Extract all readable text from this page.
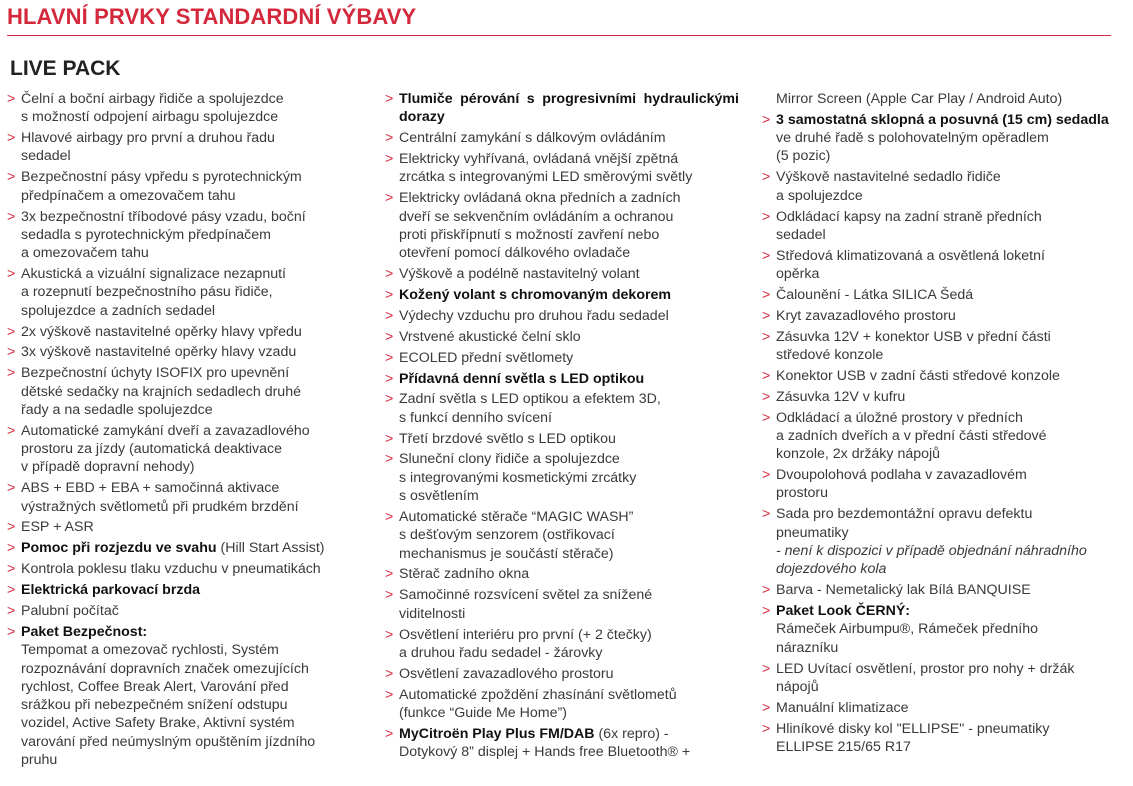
HLAVNÍ PRVKY STANDARDNÍ VÝBAVY
LIVE PACK
> Čelní a boční airbagy řidiče a spolujezdce
s možností odpojení airbagu spolujezdce
> Hlavové airbagy pro první a druhou řadu
sedadel
> Bezpečnostní pásy vpředu s pyrotechnickým
předpínačem a omezovačem tahu
> 3x bezpečnostní tříbodové pásy vzadu, boční
sedadla s pyrotechnickým předpínačem
a omezovačem tahu
> Akustická a vizuální signalizace nezapnutí
a rozepnutí bezpečnostního pásu řidiče,
spolujezdce a zadních sedadel
> 2x výškově nastavitelné opěrky hlavy vpředu
> 3x výškově nastavitelné opěrky hlavy vzadu
> Bezpečnostní úchyty ISOFIX pro upevnění
dětské sedačky na krajních sedadlech druhé
řady a na sedadle spolujezdce
> Automatické zamykání dveří a zavazadlového
prostoru za jízdy (automatická deaktivace
v případě dopravní nehody)
> ABS + EBD + EBA + samočinná aktivace
výstražných světlometů při prudkém brzdění
> ESP + ASR
> Pomoc při rozjezdu ve svahu (Hill Start Assist)
> Kontrola poklesu tlaku vzduchu v pneumatikách
> Elektrická parkovací brzda
> Palubní počítač
> Paket Bezpečnost:
Tempomat a omezovač rychlosti, Systém
rozpoznávání dopravních značek omezujících
rychlost, Coffee Break Alert, Varování před
srážkou při nebezpečném snížení odstupu
vozidel, Active Safety Brake, Aktivní systém
varování před neúmyslným opuštěním jízdního
pruhu
> Tlumiče pérování s progresivními hydraulickými dorazy
> Centrální zamykání s dálkovým ovládáním
> Elektricky vyhřívaná, ovládaná vnější zpětná
zrcátka s integrovanými LED směrovými světly
> Elektricky ovládaná okna předních a zadních
dveří se sekvenčním ovládáním a ochranou
proti přiskřípnutí s možností zavření nebo
otevření pomocí dálkového ovladače
> Výškově a podélně nastavitelný volant
> Kožený volant s chromovaným dekorem
> Výdechy vzduchu pro druhou řadu sedadel
> Vrstvené akustické čelní sklo
> ECOLED přední světlomety
> Přídavná denní světla s LED optikou
> Zadní světla s LED optikou a efektem 3D,
s funkcí denního svícení
> Třetí brzdové světlo s LED optikou
> Sluneční clony řidiče a spolujezdce
s integrovanými kosmetickými zrcátky
s osvětlením
> Automatické stěrače “MAGIC WASH”
s dešťovým senzorem (ostřikovací
mechanismus je součástí stěrače)
> Stěrač zadního okna
> Samočinné rozsvícení světel za snížené
viditelnosti
> Osvětlení interiéru pro první (+ 2 čtečky)
a druhou řadu sedadel - žárovky
> Osvětlení zavazadlového prostoru
> Automatické zpoždění zhasínání světlometů
(funkce “Guide Me Home”)
> MyCitroën Play Plus FM/DAB (6x repro) -
Dotykový 8” displej + Hands free Bluetooth® +
Mirror Screen (Apple Car Play / Android Auto)
> 3 samostatná sklopná a posuvná (15 cm) sedadla
ve druhé řadě s polohovatelným opěradlem
(5 pozic)
> Výškově nastavitelné sedadlo řidiče
a spolujezdce
> Odkládací kapsy na zadní straně předních
sedadel
> Středová klimatizovaná a osvětlená loketní
opěrka
> Čalounění - Látka SILICA Šedá
> Kryt zavazadlového prostoru
> Zásuvka 12V + konektor USB v přední části
středové konzole
> Konektor USB v zadní části středové konzole
> Zásuvka 12V v kufru
> Odkládací a úložné prostory v předních
a zadních dveřích a v přední části středové
konzole, 2x držáky nápojů
> Dvoupolohová podlaha v zavazadlovém
prostoru
> Sada pro bezdemontážní opravu defektu
pneumatiky
- není k dispozici v případě objednání náhradního
dojezdového kola
> Barva - Nemetalický lak Bílá BANQUISE
> Paket Look ČERNÝ:
Rámeček Airbumpu®, Rámeček předního
nárazníku
> LED Uvítací osvětlení, prostor pro nohy + držák
nápojů
> Manuální klimatizace
> Hliníkové disky kol "ELLIPSE" - pneumatiky
ELLIPSE 215/65 R17
